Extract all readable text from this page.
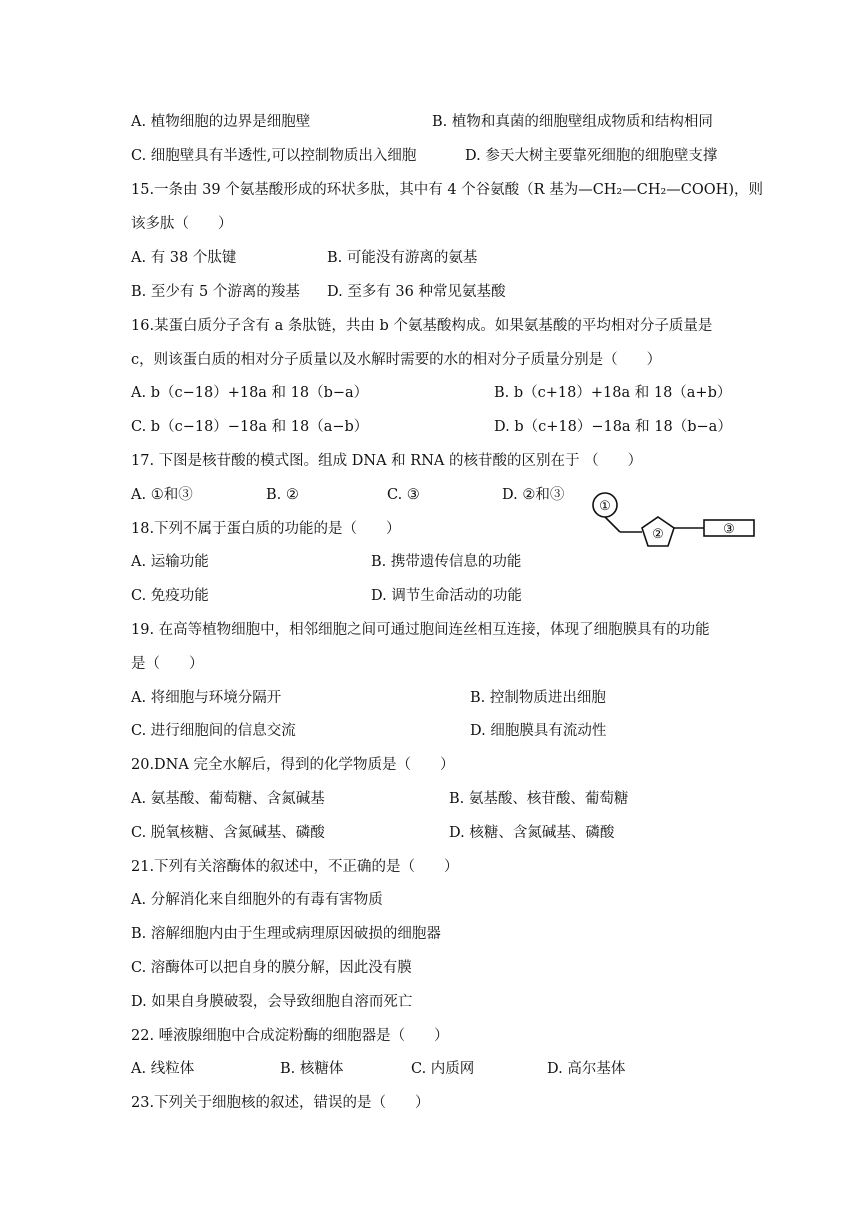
A. 植物细胞的边界是细胞壁	B. 植物和真菌的细胞壁组成物质和结构相同
C. 细胞壁具有半透性,可以控制物质出入细胞	D. 参天大树主要靠死细胞的细胞壁支撑
15.一条由 39 个氨基酸形成的环状多肽，其中有 4 个谷氨酸（R 基为—CH₂—CH₂—COOH)，则
该多肽（　　）
A. 有 38 个肽键	B. 可能没有游离的氨基
B. 至少有 5 个游离的羧基 D. 至多有 36 种常见氨基酸
16.某蛋白质分子含有 a 条肽链，共由 b 个氨基酸构成。如果氨基酸的平均相对分子质量是
c，则该蛋白质的相对分子质量以及水解时需要的水的相对分子质量分别是（　　）
A. b（c−18）+18a 和 18（b−a）	B. b（c+18）+18a 和 18（a+b）
C. b（c−18）−18a 和 18（a−b）	D. b（c+18）−18a 和 18（b−a）
17. 下图是核苷酸的模式图。组成 DNA 和 RNA 的核苷酸的区别在于 （　　）
A. ①和③	B. ②	C. ③	D. ②和③
①
②	③
18.下列不属于蛋白质的功能的是（　　）
A. 运输功能	B. 携带遗传信息的功能
C. 免疫功能	D. 调节生命活动的功能
19. 在高等植物细胞中，相邻细胞之间可通过胞间连丝相互连接，体现了细胞膜具有的功能
是（　　）
A. 将细胞与环境分隔开	B. 控制物质进出细胞
C. 进行细胞间的信息交流	D. 细胞膜具有流动性
20.DNA 完全水解后，得到的化学物质是（　　）
A. 氨基酸、葡萄糖、含氮碱基	B. 氨基酸、核苷酸、葡萄糖
C. 脱氧核糖、含氮碱基、磷酸	D. 核糖、含氮碱基、磷酸
21.下列有关溶酶体的叙述中，不正确的是（　　）
A. 分解消化来自细胞外的有毒有害物质
B. 溶解细胞内由于生理或病理原因破损的细胞器
C. 溶酶体可以把自身的膜分解，因此没有膜
D. 如果自身膜破裂，会导致细胞自溶而死亡
22. 唾液腺细胞中合成淀粉酶的细胞器是（　　）
A. 线粒体	B. 核糖体	C. 内质网	D. 高尔基体
23.下列关于细胞核的叙述，错误的是（　　）
